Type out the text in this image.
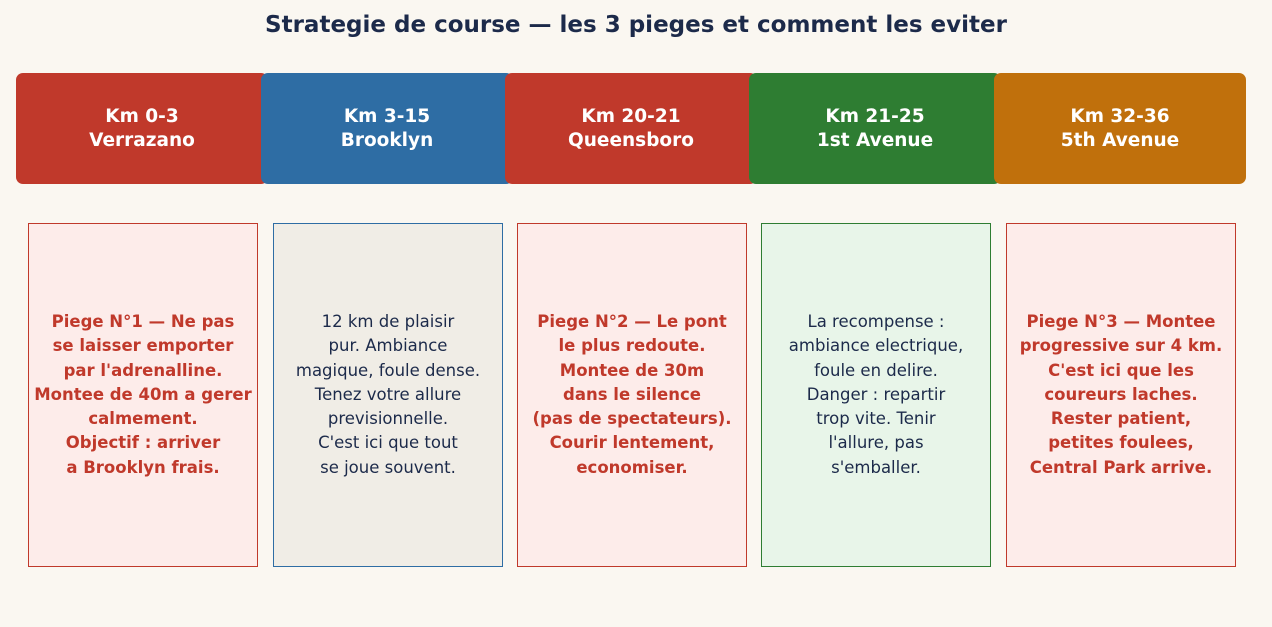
Strategie de course — les 3 pieges et comment les eviter
Km 0-3
Verrazano
Piege N°1 — Ne pas
se laisser emporter
par l'adrenalline.
Montee de 40m a gerer
calmement.
Objectif : arriver
a Brooklyn frais.
Km 3-15
Brooklyn
12 km de plaisir
pur. Ambiance
magique, foule dense.
Tenez votre allure
previsionnelle.
C'est ici que tout
se joue souvent.
Km 20-21
Queensboro
Piege N°2 — Le pont
le plus redoute.
Montee de 30m
dans le silence
(pas de spectateurs).
Courir lentement,
economiser.
Km 21-25
1st Avenue
La recompense :
ambiance electrique,
foule en delire.
Danger : repartir
trop vite. Tenir
l'allure, pas
s'emballer.
Km 32-36
5th Avenue
Piege N°3 — Montee
progressive sur 4 km.
C'est ici que les
coureurs laches.
Rester patient,
petites foulees,
Central Park arrive.
